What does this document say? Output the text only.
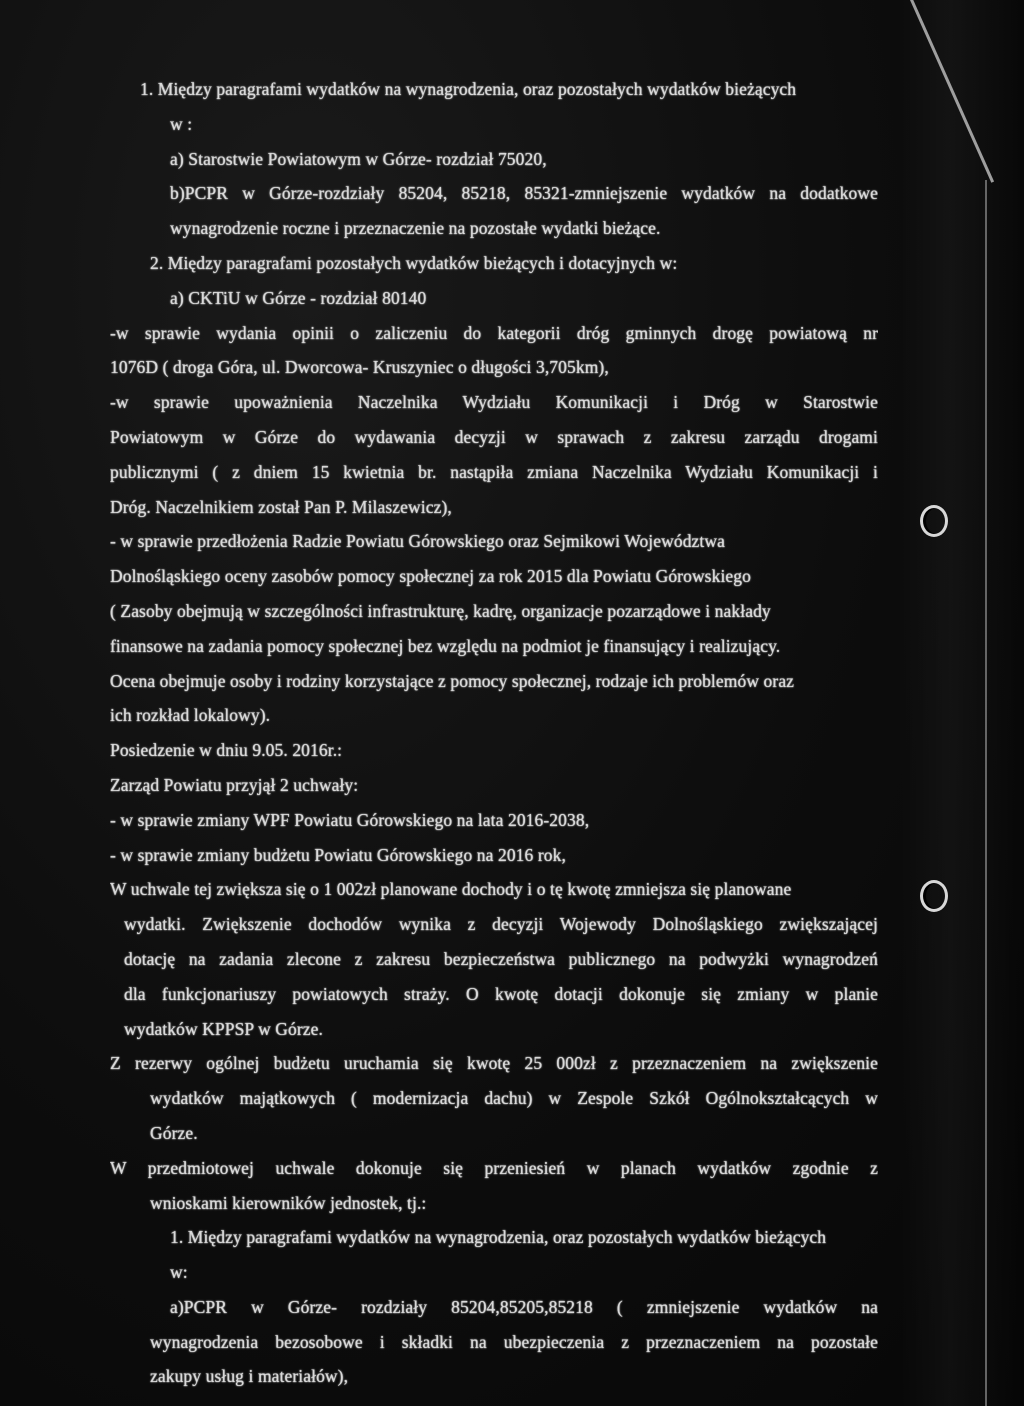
1. Między paragrafami wydatków na wynagrodzenia, oraz pozostałych wydatków bieżących
w :
a) Starostwie Powiatowym w Górze- rozdział 75020,
b)PCPR w Górze-rozdziały 85204, 85218, 85321-zmniejszenie wydatków na dodatkowe
wynagrodzenie roczne i przeznaczenie na pozostałe wydatki bieżące.
2. Między paragrafami pozostałych wydatków bieżących i dotacyjnych w:
a) CKTiU w Górze - rozdział 80140
-w sprawie wydania opinii o zaliczeniu do kategorii dróg gminnych drogę powiatową nr
1076D ( droga Góra, ul. Dworcowa- Kruszyniec o długości 3,705km),
-w sprawie upoważnienia Naczelnika Wydziału Komunikacji i Dróg w Starostwie
Powiatowym w Górze do wydawania decyzji w sprawach z zakresu zarządu drogami
publicznymi ( z dniem 15 kwietnia br. nastąpiła zmiana Naczelnika Wydziału Komunikacji i
Dróg. Naczelnikiem został Pan P. Milaszewicz),
- w sprawie przedłożenia Radzie Powiatu Górowskiego oraz Sejmikowi Województwa
Dolnośląskiego oceny zasobów pomocy społecznej za rok 2015 dla Powiatu Górowskiego
( Zasoby obejmują w szczególności infrastrukturę, kadrę, organizacje pozarządowe i nakłady
finansowe na zadania pomocy społecznej bez względu na podmiot je finansujący i realizujący.
Ocena obejmuje osoby i rodziny korzystające z pomocy społecznej, rodzaje ich problemów oraz
ich rozkład lokalowy).
Posiedzenie w dniu 9.05. 2016r.:
Zarząd Powiatu przyjął 2 uchwały:
- w sprawie zmiany WPF Powiatu Górowskiego na lata 2016-2038,
- w sprawie zmiany budżetu Powiatu Górowskiego na 2016 rok,
W uchwale tej zwiększa się o 1 002zł planowane dochody i o tę kwotę zmniejsza się planowane
wydatki. Zwiększenie dochodów wynika z decyzji Wojewody Dolnośląskiego zwiększającej
dotację na zadania zlecone z zakresu bezpieczeństwa publicznego na podwyżki wynagrodzeń
dla funkcjonariuszy powiatowych straży. O kwotę dotacji dokonuje się zmiany w planie
wydatków KPPSP w Górze.
Z rezerwy ogólnej budżetu uruchamia się kwotę 25 000zł z przeznaczeniem na zwiększenie
wydatków majątkowych ( modernizacja dachu) w Zespole Szkół Ogólnokształcących w
Górze.
W przedmiotowej uchwale dokonuje się przeniesień w planach wydatków zgodnie z
wnioskami kierowników jednostek, tj.:
1. Między paragrafami wydatków na wynagrodzenia, oraz pozostałych wydatków bieżących
w:
a)PCPR w Górze- rozdziały 85204,85205,85218 ( zmniejszenie wydatków na
wynagrodzenia bezosobowe i składki na ubezpieczenia z przeznaczeniem na pozostałe
zakupy usług i materiałów),
